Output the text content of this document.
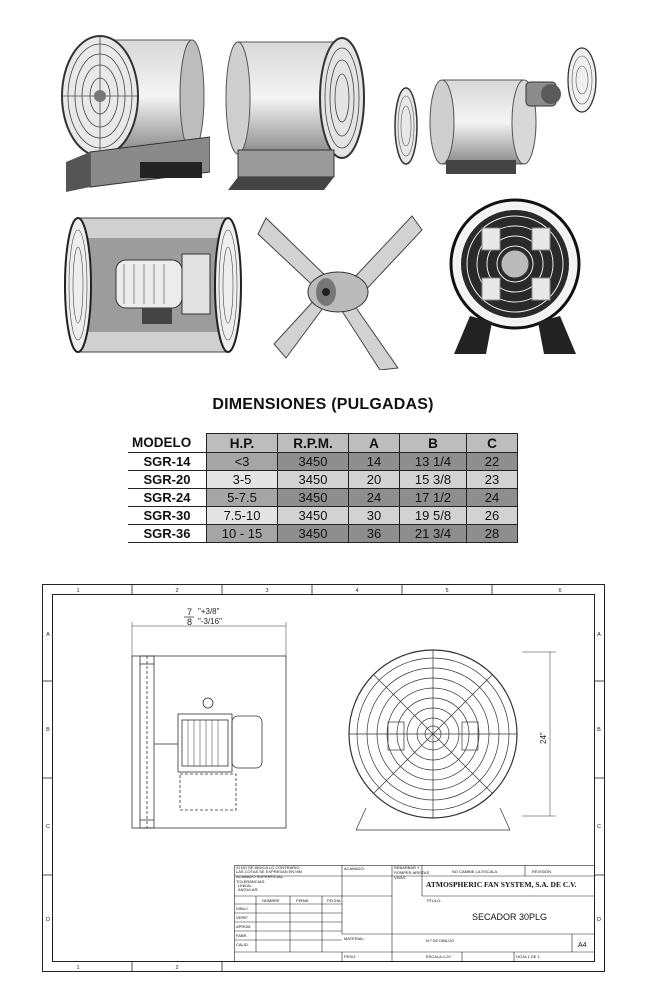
DIMENSIONES (PULGADAS)
MODELO	H.P.	R.P.M.	A	B	C
SGR-14	<3	3450	14	13 1/4	22
SGR-20	3-5	3450	20	15 3/8	23
SGR-24	5-7.5	3450	24	17 1/2	24
SGR-30	7.5-10	3450	30	19 5/8	26
SGR-36	10 - 15	3450	36	21 3/4	28
1	2	3	4	5	6
1	2
A
B
C
D
A
B
C
D
7
8
"+3/8"
"-3/16"
24"
SI NO SE INDICA LO CONTRARIO:
LAS COTAS SE EXPRESAN EN MM
ACABADO SUPERFICIAL:
TOLERANCIAS:
LINEAL:
ANGULAR:
ACABADO:	REBARBAR Y
ROMPER ARISTAS
VIVAS
NO CAMBIE LA ESCALA	REVISIÓN
ATMOSPHERIC FAN SYSTEM, S.A. DE C.V.
NOMBRE	FIRMA	FECHA
DIBUJ.
VERIF.
APROB.
FABR.
CALID.
TÍTULO:
SECADOR 30PLG
MATERIAL:	N.º DE DIBUJO
A4
PESO:	ESCALA:1:20	HOJA 1 DE 1
